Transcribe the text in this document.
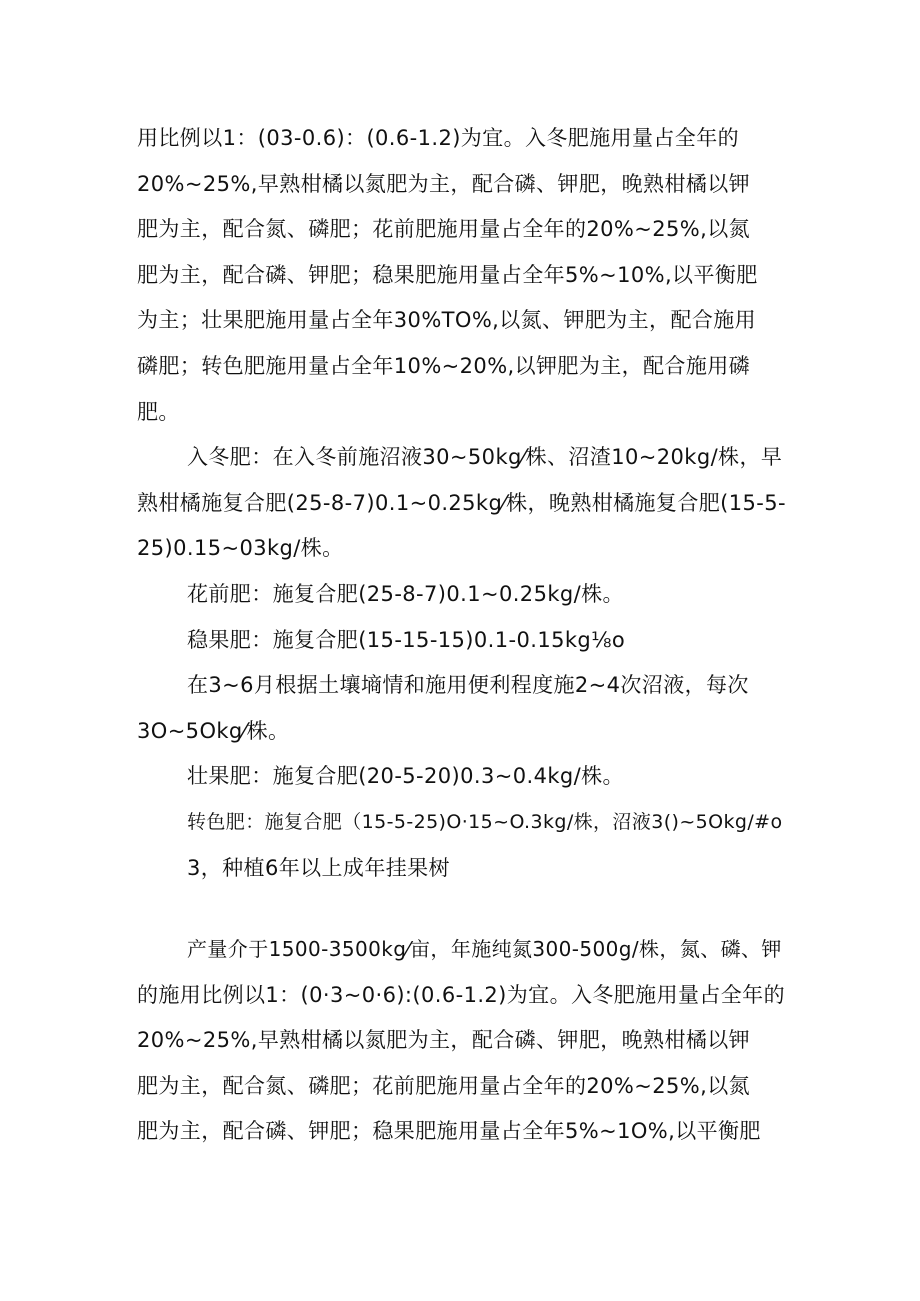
用比例以1：(03-0.6)：(0.6-1.2)为宜。入冬肥施用量占全年的
20%~25%,早熟柑橘以氮肥为主，配合磷、钾肥，晚熟柑橘以钾
肥为主，配合氮、磷肥；花前肥施用量占全年的20%~25%,以氮
肥为主，配合磷、钾肥；稳果肥施用量占全年5%~10%,以平衡肥
为主；壮果肥施用量占全年30%TO%,以氮、钾肥为主，配合施用
磷肥；转色肥施用量占全年10%~20%,以钾肥为主，配合施用磷
肥。
入冬肥：在入冬前施沼液30~50kg⁄株、沼渣10~20kg/株，早
熟柑橘施复合肥(25-8-7)0.1~0.25kg⁄株，晚熟柑橘施复合肥(15-5-
25)0.15~03kg/株。
花前肥：施复合肥(25-8-7)0.1~0.25kg/株。
稳果肥：施复合肥(15-15-15)0.1-0.15kg⅛o
在3~6月根据土壤墒情和施用便利程度施2~4次沼液，每次
3O~5Okg⁄株。
壮果肥：施复合肥(20-5-20)0.3~0.4kg/株。
转色肥：施复合肥（15-5-25)O·15~O.3kg/株，沼液3()~5Okg/#o
3，种植6年以上成年挂果树
产量介于1500-3500kg⁄亩，年施纯氮300-500g/株，氮、磷、钾
的施用比例以1：(0·3~0·6):(0.6-1.2)为宜。入冬肥施用量占全年的
20%~25%,早熟柑橘以氮肥为主，配合磷、钾肥，晚熟柑橘以钾
肥为主，配合氮、磷肥；花前肥施用量占全年的20%~25%,以氮
肥为主，配合磷、钾肥；稳果肥施用量占全年5%~1O%,以平衡肥
